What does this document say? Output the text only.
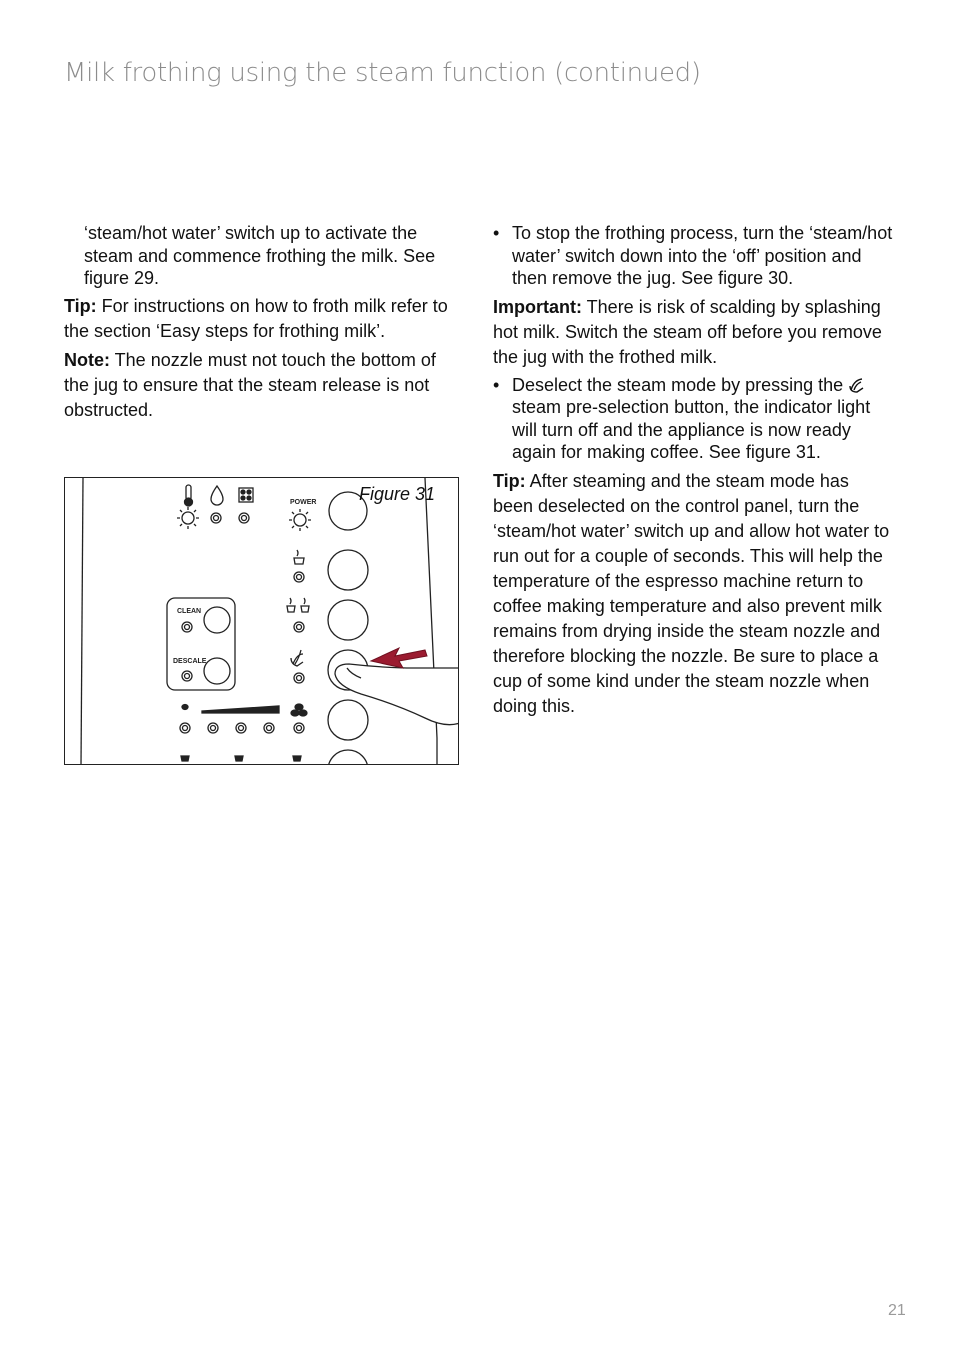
Milk frothing using the steam function (continued)

‘steam/hot water’ switch up to activate the steam and commence frothing the milk. See figure 29.

Tip: For instructions on how to froth milk refer to the section ‘Easy steps for frothing milk’.

Note: The nozzle must not touch the bottom of the jug to ensure that the steam release is not obstructed.

POWER
CLEAN
DESCALE
Figure 31
• To stop the frothing process, turn the ‘steam/hot water’ switch down into the ‘off’ position and then remove the jug. See figure 30.

Important: There is risk of scalding by splashing hot milk. Switch the steam off before you remove the jug with the frothed milk.

• Deselect the steam mode by pressing the  steam pre-selection button, the indicator light will turn off and the appliance is now ready again for making coffee. See figure 31.

Tip: After steaming and the steam mode has been deselected on the control panel, turn the ‘steam/hot water’ switch up and allow hot water to run out for a couple of seconds. This will help the temperature of the espresso machine return to coffee making temperature and also prevent milk remains from drying inside the steam nozzle and therefore blocking the nozzle. Be sure to place a cup of some kind under the steam nozzle when doing this.

21
